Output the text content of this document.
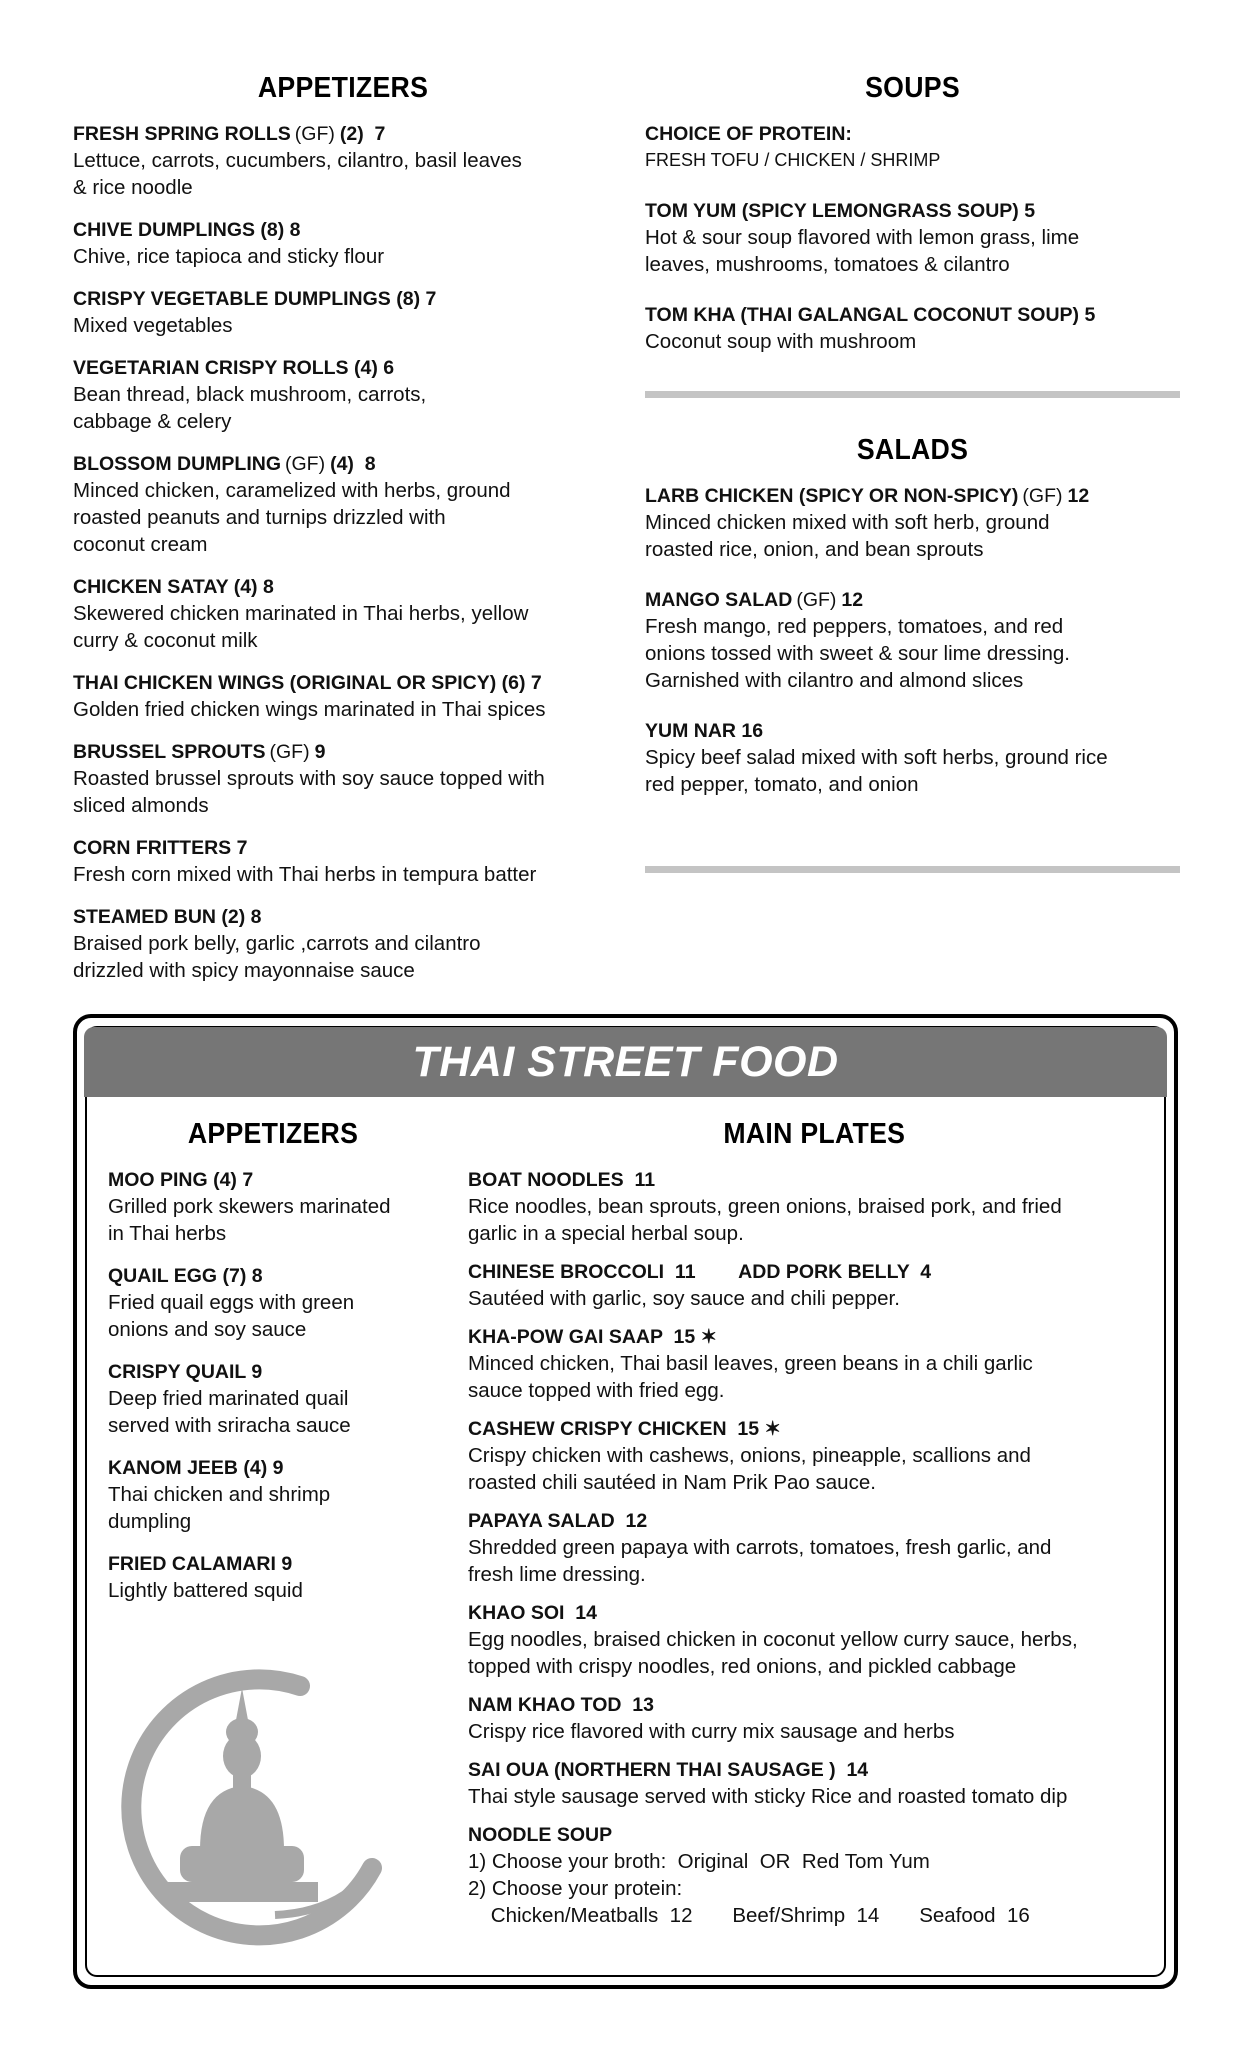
APPETIZERS
FRESH SPRING ROLLS (GF) (2)  7
Lettuce, carrots, cucumbers, cilantro, basil leaves
& rice noodle
CHIVE DUMPLINGS (8) 8
Chive, rice tapioca and sticky flour
CRISPY VEGETABLE DUMPLINGS (8) 7
Mixed vegetables
VEGETARIAN CRISPY ROLLS (4) 6
Bean thread, black mushroom, carrots,
cabbage & celery
BLOSSOM DUMPLING (GF) (4)  8
Minced chicken, caramelized with herbs, ground
roasted peanuts and turnips drizzled with
coconut cream
CHICKEN SATAY (4) 8
Skewered chicken marinated in Thai herbs, yellow
curry & coconut milk
THAI CHICKEN WINGS (ORIGINAL OR SPICY) (6) 7
Golden fried chicken wings marinated in Thai spices
BRUSSEL SPROUTS (GF) 9
Roasted brussel sprouts with soy sauce topped with
sliced almonds
CORN FRITTERS 7
Fresh corn mixed with Thai herbs in tempura batter
STEAMED BUN (2) 8
Braised pork belly, garlic ,carrots and cilantro
drizzled with spicy mayonnaise sauce
SOUPS
CHOICE OF PROTEIN:
FRESH TOFU / CHICKEN / SHRIMP
TOM YUM (SPICY LEMONGRASS SOUP) 5
Hot & sour soup flavored with lemon grass, lime
leaves, mushrooms, tomatoes & cilantro
TOM KHA (THAI GALANGAL COCONUT SOUP) 5
Coconut soup with mushroom
SALADS
LARB CHICKEN (SPICY OR NON-SPICY) (GF) 12
Minced chicken mixed with soft herb, ground
roasted rice, onion, and bean sprouts
MANGO SALAD (GF) 12
Fresh mango, red peppers, tomatoes, and red
onions tossed with sweet & sour lime dressing.
Garnished with cilantro and almond slices
YUM NAR 16
Spicy beef salad mixed with soft herbs, ground rice
red pepper, tomato, and onion
THAI STREET FOOD
APPETIZERS
MOO PING (4) 7
Grilled pork skewers marinated
in Thai herbs
QUAIL EGG (7) 8
Fried quail eggs with green
onions and soy sauce
CRISPY QUAIL 9
Deep fried marinated quail
served with sriracha sauce
KANOM JEEB (4) 9
Thai chicken and shrimp
dumpling
FRIED CALAMARI 9
Lightly battered squid
MAIN PLATES
BOAT NOODLES  11
Rice noodles, bean sprouts, green onions, braised pork, and fried
garlic in a special herbal soup.
CHINESE BROCCOLI  11        ADD PORK BELLY  4
Sautéed with garlic, soy sauce and chili pepper.
KHA-POW GAI SAAP  15 ✶
Minced chicken, Thai basil leaves, green beans in a chili garlic
sauce topped with fried egg.
CASHEW CRISPY CHICKEN  15 ✶
Crispy chicken with cashews, onions, pineapple, scallions and
roasted chili sautéed in Nam Prik Pao sauce.
PAPAYA SALAD  12
Shredded green papaya with carrots, tomatoes, fresh garlic, and
fresh lime dressing.
KHAO SOI  14
Egg noodles, braised chicken in coconut yellow curry sauce, herbs,
topped with crispy noodles, red onions, and pickled cabbage
NAM KHAO TOD  13
Crispy rice flavored with curry mix sausage and herbs
SAI OUA (NORTHERN THAI SAUSAGE )  14
Thai style sausage served with sticky Rice and roasted tomato dip
NOODLE SOUP
1) Choose your broth:  Original  OR  Red Tom Yum
2) Choose your protein:
Chicken/Meatballs  12       Beef/Shrimp  14       Seafood  16
